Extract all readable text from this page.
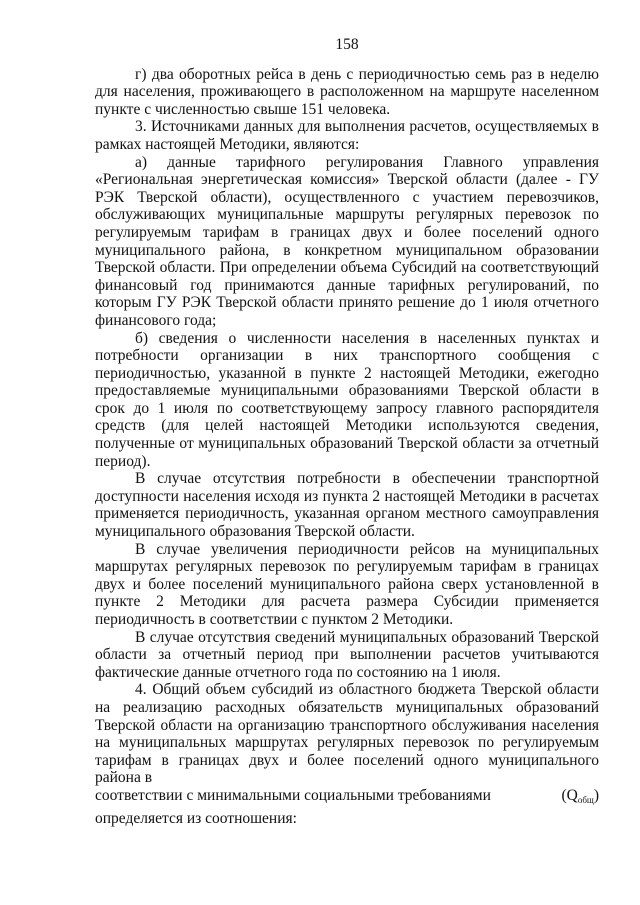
158

г) два оборотных рейса в день с периодичностью семь раз в неделю для населения, проживающего в расположенном на маршруте населенном пункте с численностью свыше 151 человека.

3. Источниками данных для выполнения расчетов, осуществляемых в рамках настоящей Методики, являются:

а) данные тарифного регулирования Главного управления «Региональная энергетическая комиссия» Тверской области (далее - ГУ РЭК Тверской области), осуществленного с участием перевозчиков, обслуживающих муниципальные маршруты регулярных перевозок по регулируемым тарифам в границах двух и более поселений одного муниципального района, в конкретном муниципальном образовании Тверской области. При определении объема Субсидий на соответствующий финансовый год принимаются данные тарифных регулирований, по которым ГУ РЭК Тверской области принято решение до 1 июля отчетного финансового года;

б) сведения о численности населения в населенных пунктах и потребности организации в них транспортного сообщения с периодичностью, указанной в пункте 2 настоящей Методики, ежегодно предоставляемые муниципальными образованиями Тверской области в срок до 1 июля по соответствующему запросу главного распорядителя средств (для целей настоящей Методики используются сведения, полученные от муниципальных образований Тверской области за отчетный период).

В случае отсутствия потребности в обеспечении транспортной доступности населения исходя из пункта 2 настоящей Методики в расчетах применяется периодичность, указанная органом местного самоуправления муниципального образования Тверской области.

В случае увеличения периодичности рейсов на муниципальных маршрутах регулярных перевозок по регулируемым тарифам в границах двух и более поселений муниципального района сверх установленной в пункте 2 Методики для расчета размера Субсидии применяется периодичность в соответствии с пунктом 2 Методики.

В случае отсутствия сведений муниципальных образований Тверской области за отчетный период при выполнении расчетов учитываются фактические данные отчетного года по состоянию на 1 июля.

4. Общий объем субсидий из областного бюджета Тверской области на реализацию расходных обязательств муниципальных образований Тверской области на организацию транспортного обслуживания населения на муниципальных маршрутах регулярных перевозок по регулируемым тарифам в границах двух и более поселений одного муниципального района в

соответствии с минимальными социальными требованиями	$(Q_{общ})$

определяется из соотношения:
